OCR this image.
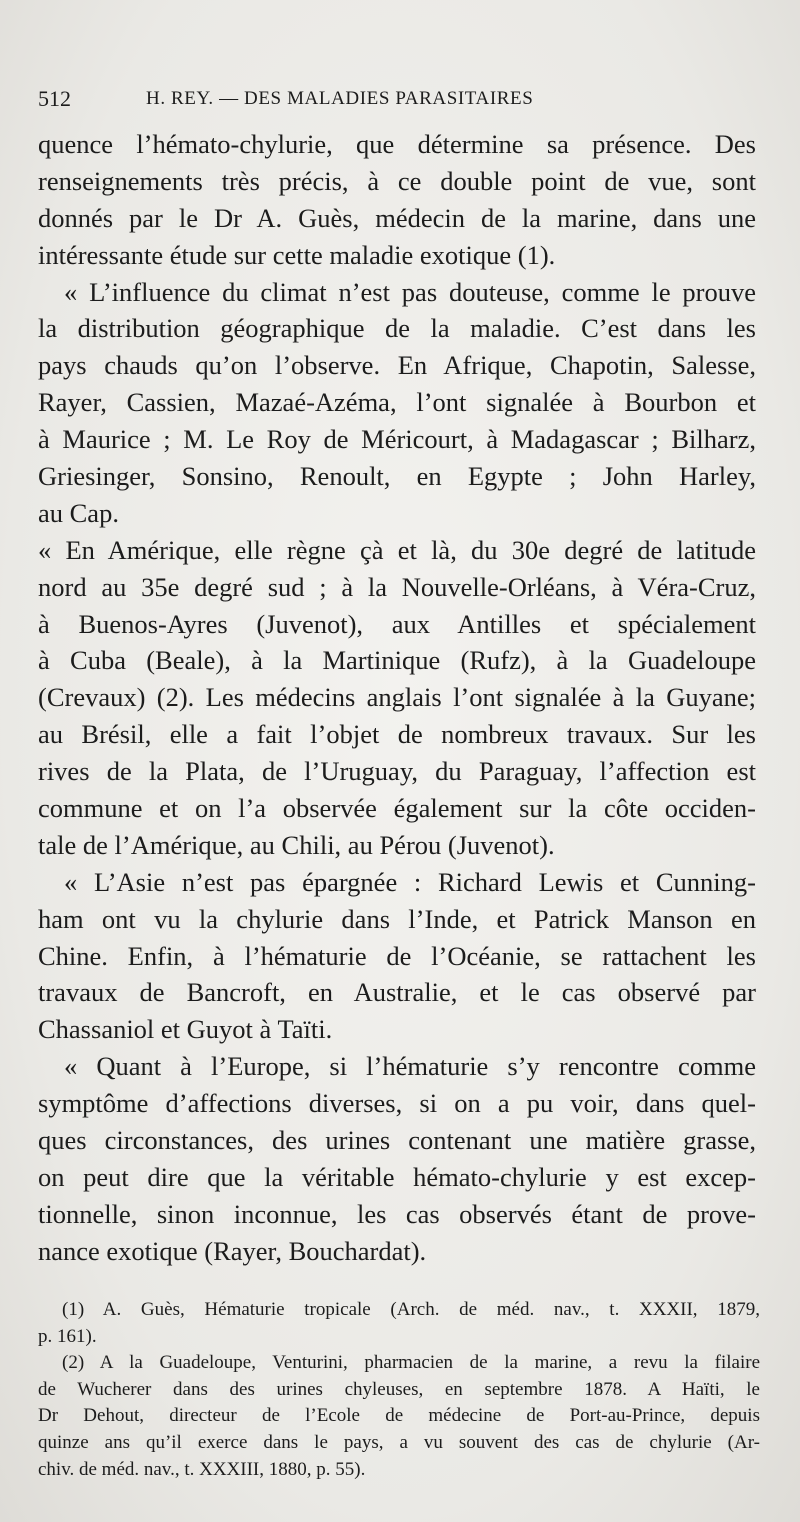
512	H. REY. — DES MALADIES PARASITAIRES
quence l’hémato-chylurie, que détermine sa présence. Des
renseignements très précis, à ce double point de vue, sont
donnés par le Dr A. Guès, médecin de la marine, dans une
intéressante étude sur cette maladie exotique (1).
« L’influence du climat n’est pas douteuse, comme le prouve
la distribution géographique de la maladie. C’est dans les
pays chauds qu’on l’observe. En Afrique, Chapotin, Salesse,
Rayer, Cassien, Mazaé-Azéma, l’ont signalée à Bourbon et
à Maurice ; M. Le Roy de Méricourt, à Madagascar ; Bilharz,
Griesinger, Sonsino, Renoult, en Egypte ; John Harley,
au Cap.
« En Amérique, elle règne çà et là, du 30e degré de latitude
nord au 35e degré sud ; à la Nouvelle-Orléans, à Véra-Cruz,
à Buenos-Ayres (Juvenot), aux Antilles et spécialement
à Cuba (Beale), à la Martinique (Rufz), à la Guadeloupe
(Crevaux) (2). Les médecins anglais l’ont signalée à la Guyane;
au Brésil, elle a fait l’objet de nombreux travaux. Sur les
rives de la Plata, de l’Uruguay, du Paraguay, l’affection est
commune et on l’a observée également sur la côte occiden-
tale de l’Amérique, au Chili, au Pérou (Juvenot).
« L’Asie n’est pas épargnée : Richard Lewis et Cunning-
ham ont vu la chylurie dans l’Inde, et Patrick Manson en
Chine. Enfin, à l’hématurie de l’Océanie, se rattachent les
travaux de Bancroft, en Australie, et le cas observé par
Chassaniol et Guyot à Taïti.
« Quant à l’Europe, si l’hématurie s’y rencontre comme
symptôme d’affections diverses, si on a pu voir, dans quel-
ques circonstances, des urines contenant une matière grasse,
on peut dire que la véritable hémato-chylurie y est excep-
tionnelle, sinon inconnue, les cas observés étant de prove-
nance exotique (Rayer, Bouchardat).
(1) A. Guès, Hématurie tropicale (Arch. de méd. nav., t. XXXII, 1879,
p. 161).
(2) A la Guadeloupe, Venturini, pharmacien de la marine, a revu la filaire
de Wucherer dans des urines chyleuses, en septembre 1878. A Haïti, le
Dr Dehout, directeur de l’Ecole de médecine de Port-au-Prince, depuis
quinze ans qu’il exerce dans le pays, a vu souvent des cas de chylurie (Ar-
chiv. de méd. nav., t. XXXIII, 1880, p. 55).
